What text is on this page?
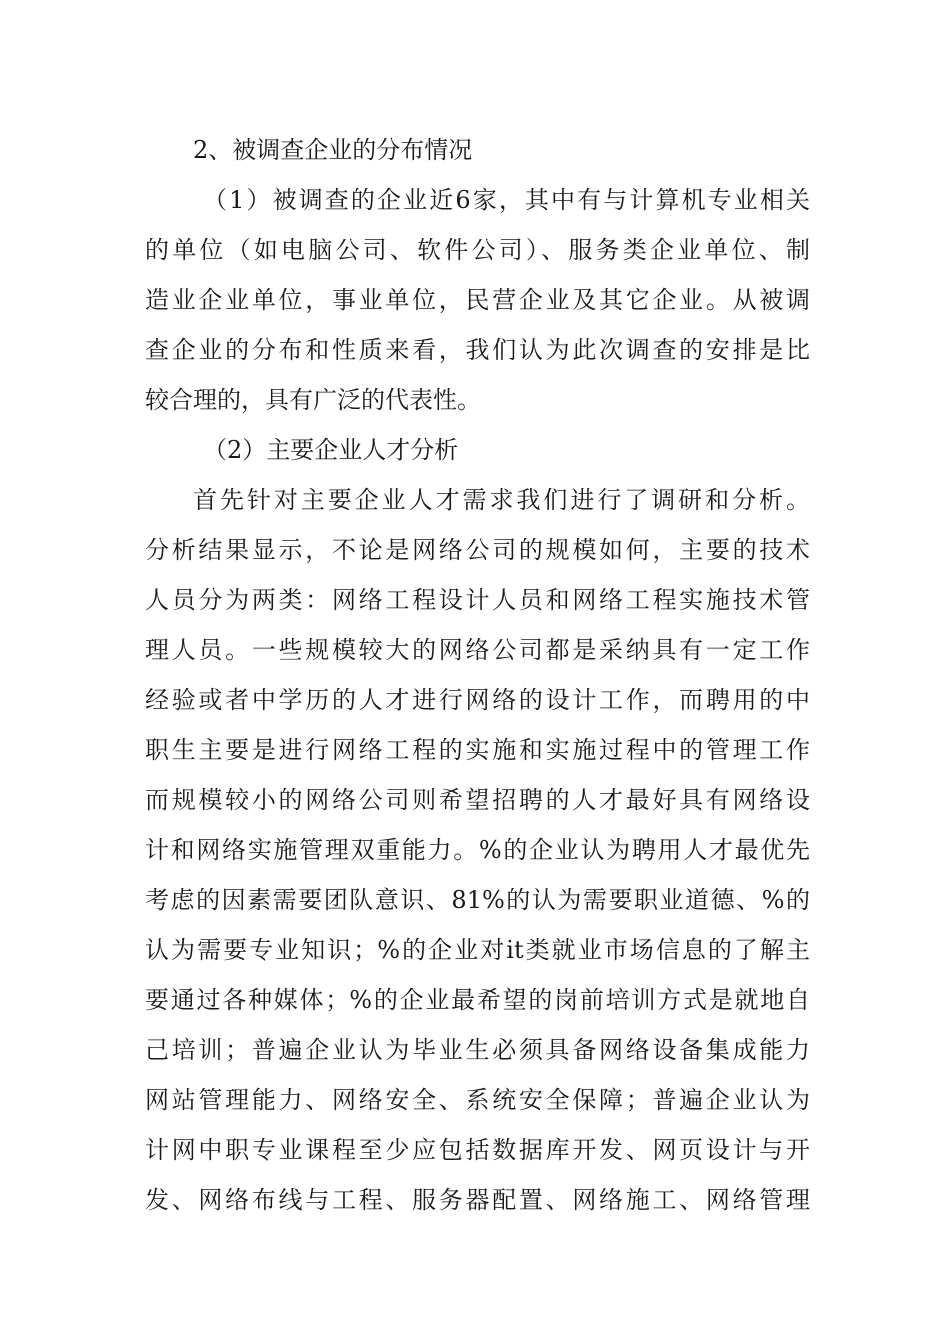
2、被调查企业的分布情况
（1）被调查的企业近6家，其中有与计算机专业相关
的单位（如电脑公司、软件公司）、服务类企业单位、制
造业企业单位，事业单位，民营企业及其它企业。从被调
查企业的分布和性质来看，我们认为此次调查的安排是比
较合理的，具有广泛的代表性。
（2）主要企业人才分析
首先针对主要企业人才需求我们进行了调研和分析。
分析结果显示，不论是网络公司的规模如何，主要的技术
人员分为两类：网络工程设计人员和网络工程实施技术管
理人员。一些规模较大的网络公司都是采纳具有一定工作
经验或者中学历的人才进行网络的设计工作，而聘用的中
职生主要是进行网络工程的实施和实施过程中的管理工作
而规模较小的网络公司则希望招聘的人才最好具有网络设
计和网络实施管理双重能力。%的企业认为聘用人才最优先
考虑的因素需要团队意识、81%的认为需要职业道德、%的
认为需要专业知识；%的企业对it类就业市场信息的了解主
要通过各种媒体；%的企业最希望的岗前培训方式是就地自
己培训；普遍企业认为毕业生必须具备网络设备集成能力
网站管理能力、网络安全、系统安全保障；普遍企业认为
计网中职专业课程至少应包括数据库开发、网页设计与开
发、网络布线与工程、服务器配置、网络施工、网络管理
